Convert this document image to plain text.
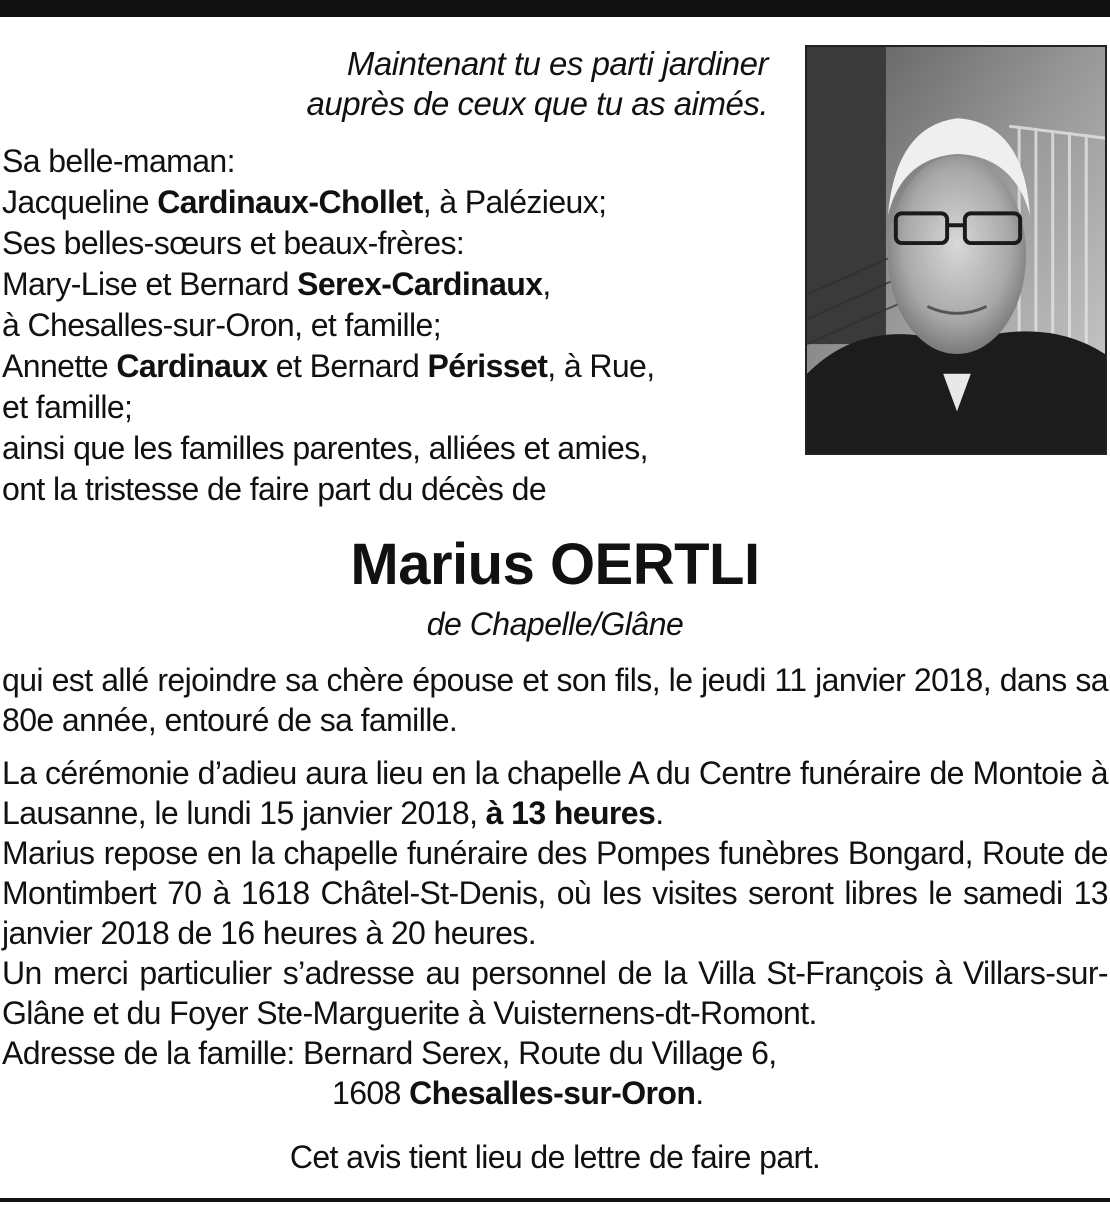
Maintenant tu es parti jardiner
auprès de ceux que tu as aimés.
Sa belle-maman:
Jacqueline Cardinaux-Chollet, à Palézieux;
Ses belles-sœurs et beaux-frères:
Mary-Lise et Bernard Serex-Cardinaux,
à Chesalles-sur-Oron, et famille;
Annette Cardinaux et Bernard Périsset, à Rue,
et famille;
ainsi que les familles parentes, alliées et amies,
ont la tristesse de faire part du décès de
Marius OERTLI
de Chapelle/Glâne

qui est allé rejoindre sa chère épouse et son fils, le jeudi 11 janvier 2018, dans sa 80e année, entouré de sa famille.

La cérémonie d’adieu aura lieu en la chapelle A du Centre funéraire de Montoie à Lausanne, le lundi 15 janvier 2018, à 13 heures.

Marius repose en la chapelle funéraire des Pompes funèbres Bongard, Route de Montimbert 70 à 1618 Châtel-St-Denis, où les visites seront libres le samedi 13 janvier 2018 de 16 heures à 20 heures.

Un merci particulier s’adresse au personnel de la Villa St-François à Villars-sur-Glâne et du Foyer Ste-Marguerite à Vuisternens-dt-Romont.

Adresse de la famille: Bernard Serex, Route du Village 6,

1608 Chesalles-sur-Oron.

Cet avis tient lieu de lettre de faire part.
